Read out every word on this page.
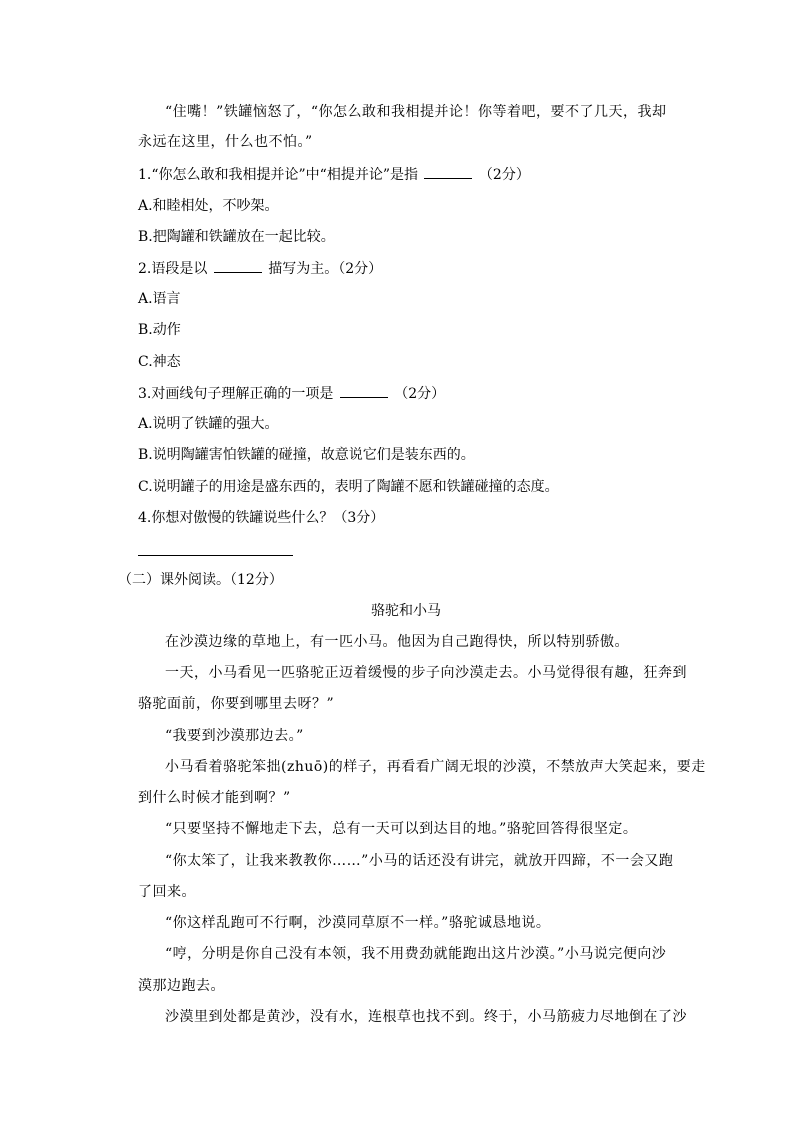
“住嘴！”铁罐恼怒了，“你怎么敢和我相提并论！你等着吧，要不了几天，我却
永远在这里，什么也不怕。”
1.“你怎么敢和我相提并论”中“相提并论”是指	（2分）
A.和睦相处，不吵架。
B.把陶罐和铁罐放在一起比较。
2.语段是以	描写为主。（2分）
A.语言
B.动作
C.神态
3.对画线句子理解正确的一项是	（2分）
A.说明了铁罐的强大。
B.说明陶罐害怕铁罐的碰撞，故意说它们是装东西的。
C.说明罐子的用途是盛东西的，表明了陶罐不愿和铁罐碰撞的态度。
4.你想对傲慢的铁罐说些什么？（3分）
（二）课外阅读。（12分）
骆驼和小马
在沙漠边缘的草地上，有一匹小马。他因为自己跑得快，所以特别骄傲。
一天，小马看见一匹骆驼正迈着缓慢的步子向沙漠走去。小马觉得很有趣，狂奔到
骆驼面前，你要到哪里去呀？”
“我要到沙漠那边去。”
小马看着骆驼笨拙(zhuō)的样子，再看看广阔无垠的沙漠，不禁放声大笑起来，要走
到什么时候才能到啊？”
“只要坚持不懈地走下去，总有一天可以到达目的地。”骆驼回答得很坚定。
“你太笨了，让我来教教你……”小马的话还没有讲完，就放开四蹄，不一会又跑
了回来。
“你这样乱跑可不行啊，沙漠同草原不一样。”骆驼诚恳地说。
“哼，分明是你自己没有本领，我不用费劲就能跑出这片沙漠。”小马说完便向沙
漠那边跑去。
沙漠里到处都是黄沙，没有水，连根草也找不到。终于，小马筋疲力尽地倒在了沙
